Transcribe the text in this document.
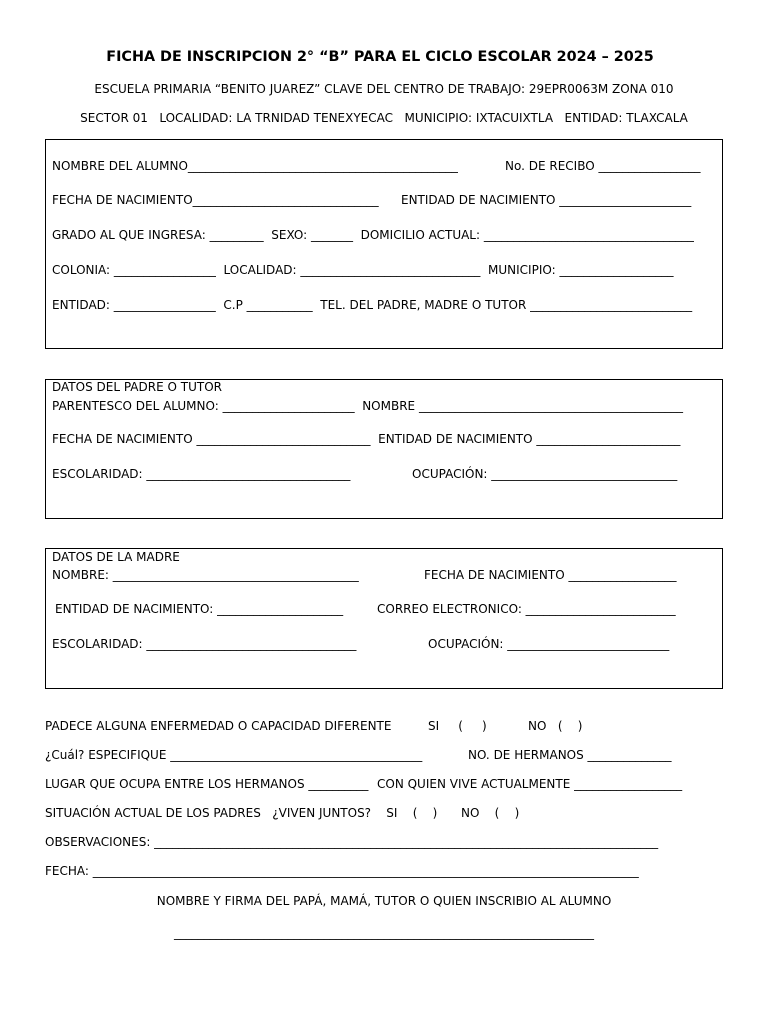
FICHA DE INSCRIPCION 2° “B” PARA EL CICLO ESCOLAR 2024 – 2025
ESCUELA PRIMARIA “BENITO JUAREZ” CLAVE DEL CENTRO DE TRABAJO: 29EPR0063M ZONA 010
SECTOR 01   LOCALIDAD: LA TRNIDAD TENEXYECAC   MUNICIPIO: IXTACUIXTLA   ENTIDAD: TLAXCALA
NOMBRE DEL ALUMNO_____________________________________________	No. DE RECIBO _________________
FECHA DE NACIMIENTO_______________________________ ENTIDAD DE NACIMIENTO ______________________
GRADO AL QUE INGRESA: _________  SEXO: _______  DOMICILIO ACTUAL: ___________________________________
COLONIA: _________________  LOCALIDAD: ______________________________  MUNICIPIO: ___________________
ENTIDAD: _________________  C.P ___________  TEL. DEL PADRE, MADRE O TUTOR ___________________________
DATOS DEL PADRE O TUTOR
PARENTESCO DEL ALUMNO: ______________________  NOMBRE ____________________________________________
FECHA DE NACIMIENTO _____________________________  ENTIDAD DE NACIMIENTO ________________________
ESCOLARIDAD: __________________________________	OCUPACIÓN: _______________________________
DATOS DE LA MADRE
NOMBRE: _________________________________________	FECHA DE NACIMIENTO __________________
ENTIDAD DE NACIMIENTO: _____________________	CORREO ELECTRONICO: _________________________
ESCOLARIDAD: ___________________________________	OCUPACIÓN: ___________________________
PADECE ALGUNA ENFERMEDAD O CAPACIDAD DIFERENTE	SI     (     )	NO   (    )
¿Cuál? ESPECIFIQUE __________________________________________	NO. DE HERMANOS ______________
LUGAR QUE OCUPA ENTRE LOS HERMANOS __________ CON QUIEN VIVE ACTUALMENTE __________________
SITUACIÓN ACTUAL DE LOS PADRES   ¿VIVEN JUNTOS?    SI    (    ) NO    (    )
OBSERVACIONES: ____________________________________________________________________________________
FECHA: ___________________________________________________________________________________________
NOMBRE Y FIRMA DEL PAPÁ, MAMÁ, TUTOR O QUIEN INSCRIBIO AL ALUMNO
______________________________________________________________________
